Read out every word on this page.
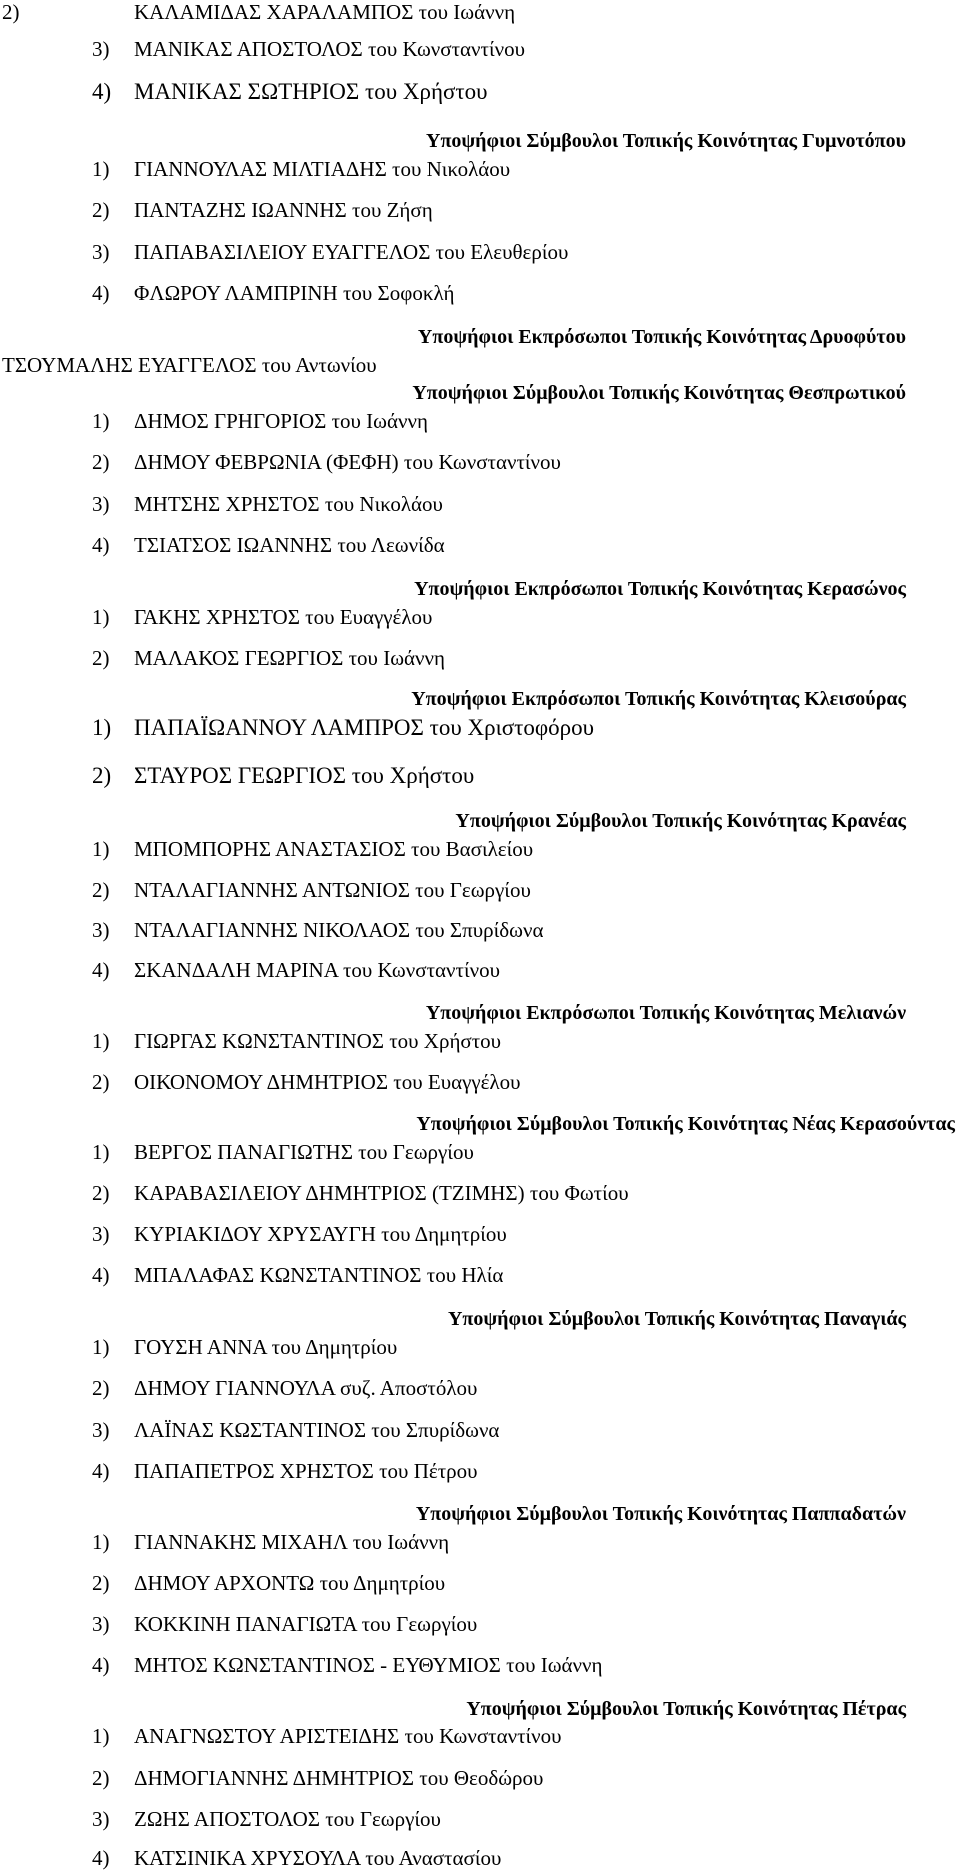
2)	ΚΑΛΑΜΙΔΑΣ ΧΑΡΑΛΑΜΠΟΣ του Ιωάννη
3) ΜΑΝΙΚΑΣ ΑΠΟΣΤΟΛΟΣ του Κωνσταντίνου
4) ΜΑΝΙΚΑΣ ΣΩΤΗΡΙΟΣ του Χρήστου
Υποψήφιοι Σύμβουλοι Τοπικής Κοινότητας Γυμνοτόπου
1) ΓΙΑΝΝΟΥΛΑΣ ΜΙΛΤΙΑΔΗΣ του Νικολάου
2) ΠΑΝΤΑΖΗΣ ΙΩΑΝΝΗΣ του Ζήση
3) ΠΑΠΑΒΑΣΙΛΕΙΟΥ ΕΥΑΓΓΕΛΟΣ του Ελευθερίου
4) ΦΛΩΡΟΥ ΛΑΜΠΡΙΝΗ του Σοφοκλή
Υποψήφιοι Εκπρόσωποι Τοπικής Κοινότητας Δρυοφύτου
ΤΣΟΥΜΑΛΗΣ ΕΥΑΓΓΕΛΟΣ του Αντωνίου
Υποψήφιοι Σύμβουλοι Τοπικής Κοινότητας Θεσπρωτικού
1) ΔΗΜΟΣ ΓΡΗΓΟΡΙΟΣ του Ιωάννη
2) ΔΗΜΟΥ ΦΕΒΡΩΝΙΑ (ΦΕΦΗ) του Κωνσταντίνου
3) ΜΗΤΣΗΣ ΧΡΗΣΤΟΣ του Νικολάου
4) ΤΣΙΑΤΣΟΣ ΙΩΑΝΝΗΣ του Λεωνίδα
Υποψήφιοι Εκπρόσωποι Τοπικής Κοινότητας Κερασώνος
1) ΓΑΚΗΣ ΧΡΗΣΤΟΣ του Ευαγγέλου
2) ΜΑΛΑΚΟΣ ΓΕΩΡΓΙΟΣ του Ιωάννη
Υποψήφιοι Εκπρόσωποι Τοπικής Κοινότητας Κλεισούρας
1) ΠΑΠΑΪΩΑΝΝΟΥ ΛΑΜΠΡΟΣ του Χριστοφόρου
2) ΣΤΑΥΡΟΣ ΓΕΩΡΓΙΟΣ του Χρήστου
Υποψήφιοι Σύμβουλοι Τοπικής Κοινότητας Κρανέας
1) ΜΠΟΜΠΟΡΗΣ ΑΝΑΣΤΑΣΙΟΣ του Βασιλείου
2) ΝΤΑΛΑΓΙΑΝΝΗΣ ΑΝΤΩΝΙΟΣ του Γεωργίου
3) ΝΤΑΛΑΓΙΑΝΝΗΣ ΝΙΚΟΛΑΟΣ του Σπυρίδωνα
4) ΣΚΑΝΔΑΛΗ ΜΑΡΙΝΑ του Κωνσταντίνου
Υποψήφιοι Εκπρόσωποι Τοπικής Κοινότητας Μελιανών
1) ΓΙΩΡΓΑΣ ΚΩΝΣΤΑΝΤΙΝΟΣ του Χρήστου
2) ΟΙΚΟΝΟΜΟΥ ΔΗΜΗΤΡΙΟΣ του Ευαγγέλου
Υποψήφιοι Σύμβουλοι Τοπικής Κοινότητας Νέας Κερασούντας
1) ΒΕΡΓΟΣ ΠΑΝΑΓΙΩΤΗΣ του Γεωργίου
2) ΚΑΡΑΒΑΣΙΛΕΙΟΥ ΔΗΜΗΤΡΙΟΣ (ΤΖΙΜΗΣ) του Φωτίου
3) ΚΥΡΙΑΚΙΔΟΥ ΧΡΥΣΑΥΓΗ του Δημητρίου
4) ΜΠΑΛΑΦΑΣ ΚΩΝΣΤΑΝΤΙΝΟΣ του Ηλία
Υποψήφιοι Σύμβουλοι Τοπικής Κοινότητας Παναγιάς
1) ΓΟΥΣΗ ΑΝΝΑ του Δημητρίου
2) ΔΗΜΟΥ ΓΙΑΝΝΟΥΛΑ συζ. Αποστόλου
3) ΛΑΪΝΑΣ ΚΩΣΤΑΝΤΙΝΟΣ του Σπυρίδωνα
4) ΠΑΠΑΠΕΤΡΟΣ ΧΡΗΣΤΟΣ του Πέτρου
Υποψήφιοι Σύμβουλοι Τοπικής Κοινότητας Παππαδατών
1) ΓΙΑΝΝΑΚΗΣ ΜΙΧΑΗΛ του Ιωάννη
2) ΔΗΜΟΥ ΑΡΧΟΝΤΩ του Δημητρίου
3) ΚΟΚΚΙΝΗ ΠΑΝΑΓΙΩΤΑ του Γεωργίου
4) ΜΗΤΟΣ ΚΩΝΣΤΑΝΤΙΝΟΣ - ΕΥΘΥΜΙΟΣ του Ιωάννη
Υποψήφιοι Σύμβουλοι Τοπικής Κοινότητας Πέτρας
1) ΑΝΑΓΝΩΣΤΟΥ ΑΡΙΣΤΕΙΔΗΣ του Κωνσταντίνου
2) ΔΗΜΟΓΙΑΝΝΗΣ ΔΗΜΗΤΡΙΟΣ του Θεοδώρου
3) ΖΩΗΣ ΑΠΟΣΤΟΛΟΣ του Γεωργίου
4) ΚΑΤΣΙΝΙΚΑ ΧΡΥΣΟΥΛΑ του Αναστασίου
